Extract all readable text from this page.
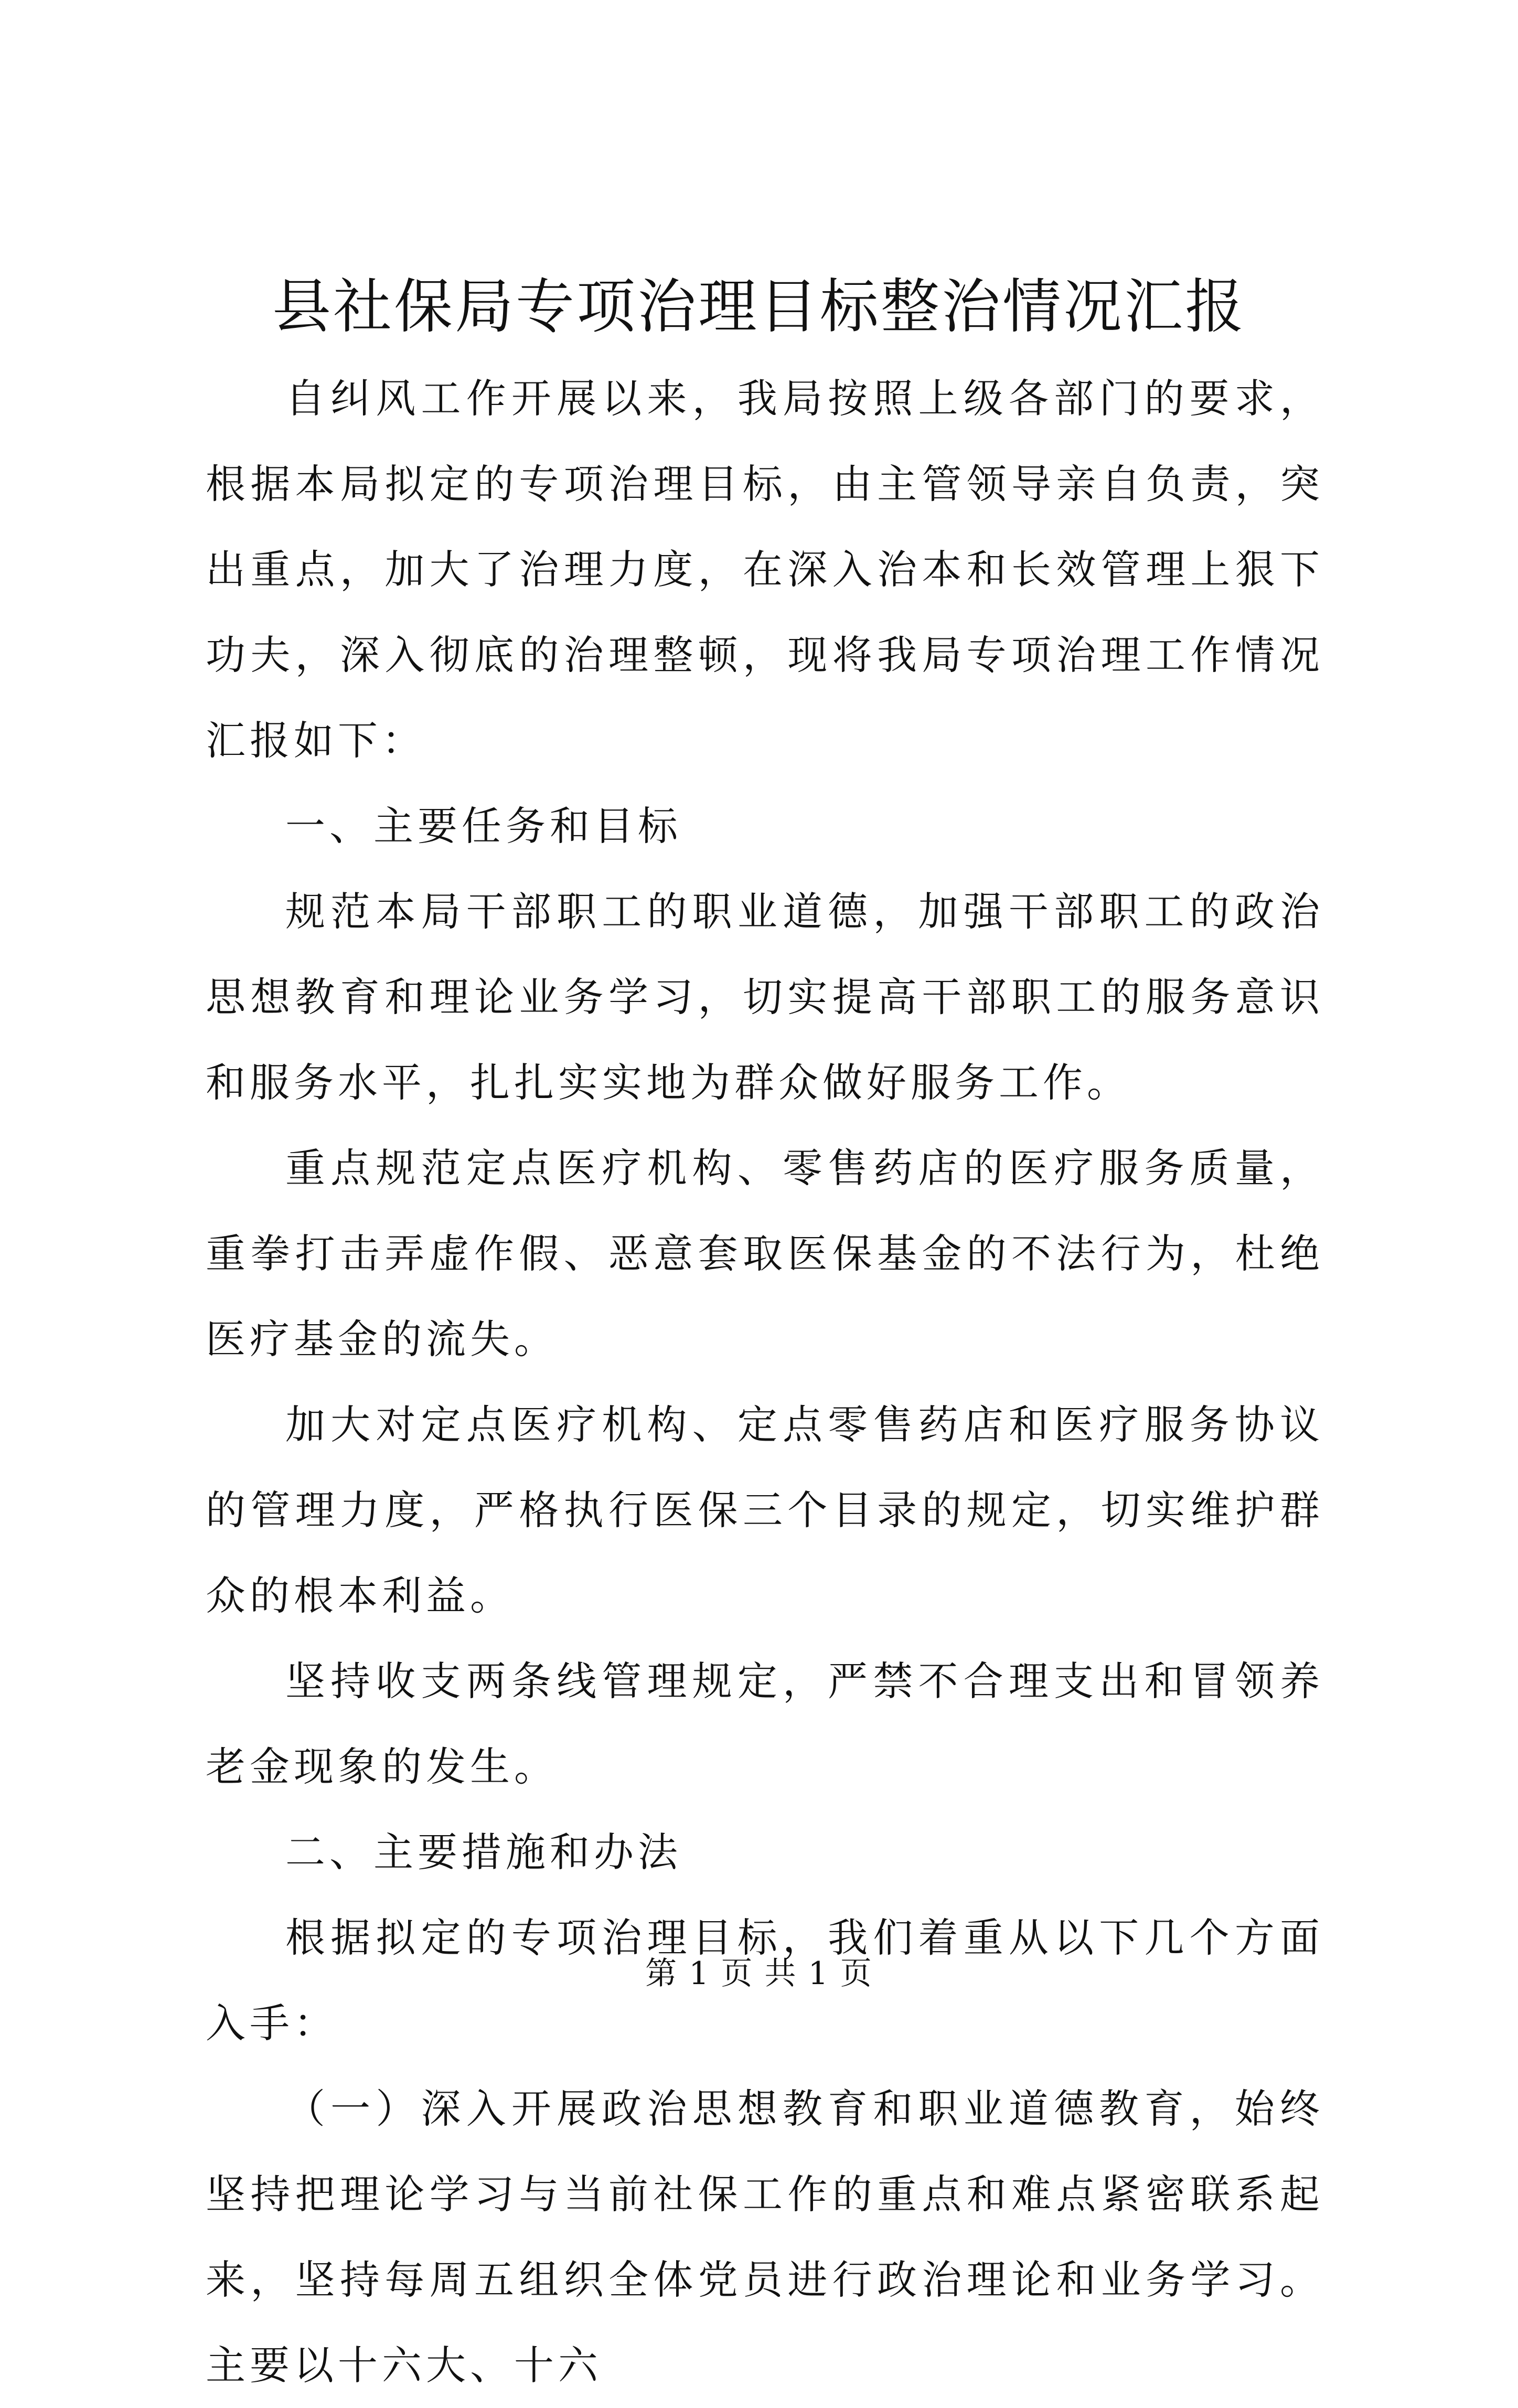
县社保局专项治理目标整治情况汇报

自纠风工作开展以来，我局按照上级各部门的要求，根据本局拟定的专项治理目标，由主管领导亲自负责，突出重点，加大了治理力度，在深入治本和长效管理上狠下功夫，深入彻底的治理整顿，现将我局专项治理工作情况汇报如下：

一、主要任务和目标

规范本局干部职工的职业道德，加强干部职工的政治思想教育和理论业务学习，切实提高干部职工的服务意识和服务水平，扎扎实实地为群众做好服务工作。

重点规范定点医疗机构、零售药店的医疗服务质量，重拳打击弄虚作假、恶意套取医保基金的不法行为，杜绝医疗基金的流失。

加大对定点医疗机构、定点零售药店和医疗服务协议的管理力度，严格执行医保三个目录的规定，切实维护群众的根本利益。

坚持收支两条线管理规定，严禁不合理支出和冒领养老金现象的发生。

二、主要措施和办法

根据拟定的专项治理目标，我们着重从以下几个方面入手：

（一）深入开展政治思想教育和职业道德教育，始终坚持把理论学习与当前社保工作的重点和难点紧密联系起来，坚持每周五组织全体党员进行政治理论和业务学习。主要以十六大、十六

第 1 页 共 1 页
